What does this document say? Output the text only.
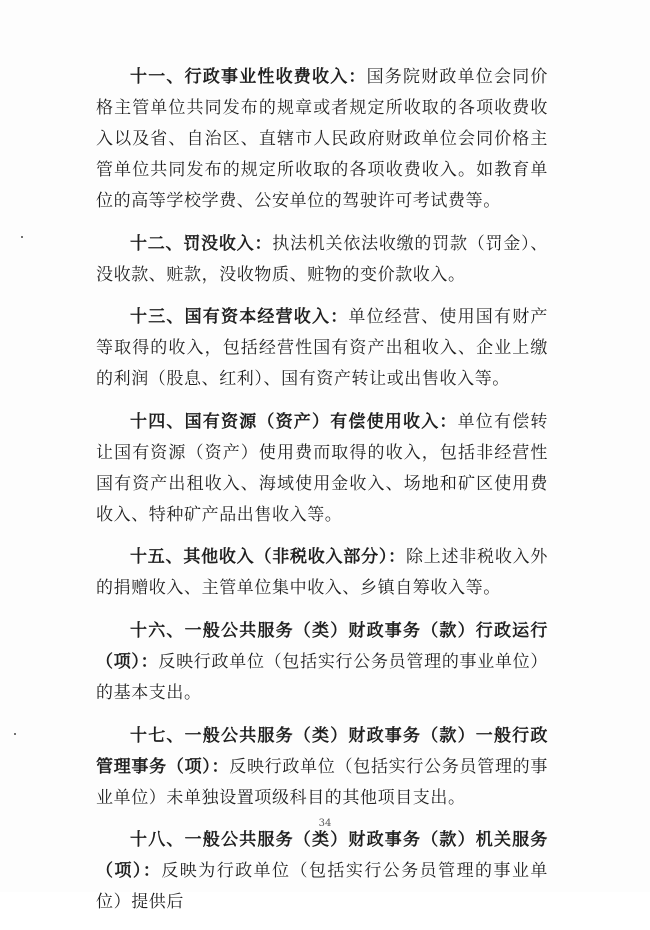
十一、行政事业性收费收入：国务院财政单位会同价格主管单位共同发布的规章或者规定所收取的各项收费收入以及省、自治区、直辖市人民政府财政单位会同价格主管单位共同发布的规定所收取的各项收费收入。如教育单位的高等学校学费、公安单位的驾驶许可考试费等。

十二、罚没收入：执法机关依法收缴的罚款（罚金）、没收款、赃款，没收物质、赃物的变价款收入。

十三、国有资本经营收入：单位经营、使用国有财产等取得的收入，包括经营性国有资产出租收入、企业上缴的利润（股息、红利）、国有资产转让或出售收入等。

十四、国有资源（资产）有偿使用收入：单位有偿转让国有资源（资产）使用费而取得的收入，包括非经营性国有资产出租收入、海域使用金收入、场地和矿区使用费收入、特种矿产品出售收入等。

十五、其他收入（非税收入部分）：除上述非税收入外的捐赠收入、主管单位集中收入、乡镇自筹收入等。

十六、一般公共服务（类）财政事务（款）行政运行（项）：反映行政单位（包括实行公务员管理的事业单位）的基本支出。

十七、一般公共服务（类）财政事务（款）一般行政管理事务（项）：反映行政单位（包括实行公务员管理的事业单位）未单独设置项级科目的其他项目支出。

十八、一般公共服务（类）财政事务（款）机关服务（项）：反映为行政单位（包括实行公务员管理的事业单位）提供后

34
